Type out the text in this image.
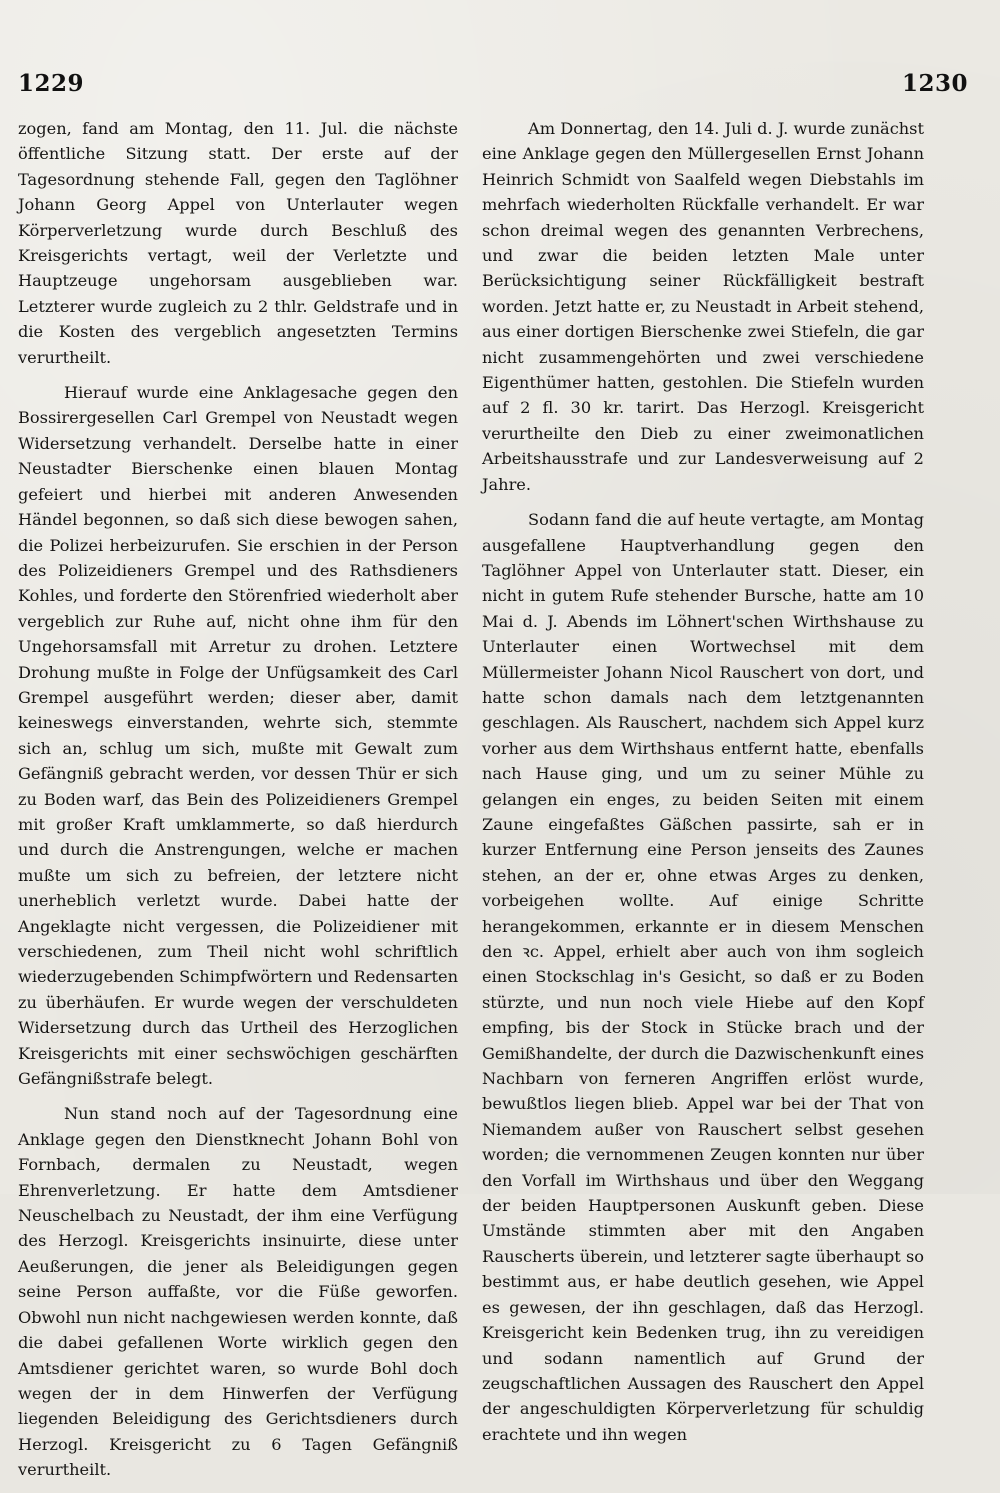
1229	1230

zogen, fand am Montag, den 11. Jul. die nächste öffentliche Sitzung statt. Der erste auf der Tagesordnung stehende Fall, gegen den Taglöhner Johann Georg Appel von Unterlauter wegen Körperverletzung wurde durch Beschluß des Kreisgerichts vertagt, weil der Verletzte und Hauptzeuge ungehorsam ausgeblieben war. Letzterer wurde zugleich zu 2 thlr. Geldstrafe und in die Kosten des vergeblich angesetzten Termins verurtheilt.

Hierauf wurde eine Anklagesache gegen den Bossirergesellen Carl Grempel von Neustadt wegen Widersetzung verhandelt. Derselbe hatte in einer Neustadter Bierschenke einen blauen Montag gefeiert und hierbei mit anderen Anwesenden Händel begonnen, so daß sich diese bewogen sahen, die Polizei herbeizurufen. Sie erschien in der Person des Polizeidieners Grempel und des Rathsdieners Kohles, und forderte den Störenfried wiederholt aber vergeblich zur Ruhe auf, nicht ohne ihm für den Ungehorsamsfall mit Arretur zu drohen. Letztere Drohung mußte in Folge der Unfügsamkeit des Carl Grempel ausgeführt werden; dieser aber, damit keineswegs einverstanden, wehrte sich, stemmte sich an, schlug um sich, mußte mit Gewalt zum Gefängniß gebracht werden, vor dessen Thür er sich zu Boden warf, das Bein des Polizeidieners Grempel mit großer Kraft umklammerte, so daß hierdurch und durch die Anstrengungen, welche er machen mußte um sich zu befreien, der letztere nicht unerheblich verletzt wurde. Dabei hatte der Angeklagte nicht vergessen, die Polizeidiener mit verschiedenen, zum Theil nicht wohl schriftlich wiederzugebenden Schimpfwörtern und Redensarten zu überhäufen. Er wurde wegen der verschuldeten Widersetzung durch das Urtheil des Herzoglichen Kreisgerichts mit einer sechswöchigen geschärften Gefängnißstrafe belegt.

Nun stand noch auf der Tagesordnung eine Anklage gegen den Dienstknecht Johann Bohl von Fornbach, dermalen zu Neustadt, wegen Ehrenverletzung. Er hatte dem Amtsdiener Neuschelbach zu Neustadt, der ihm eine Verfügung des Herzogl. Kreisgerichts insinuirte, diese unter Aeußerungen, die jener als Beleidigungen gegen seine Person auffaßte, vor die Füße geworfen. Obwohl nun nicht nachgewiesen werden konnte, daß die dabei gefallenen Worte wirklich gegen den Amtsdiener gerichtet waren, so wurde Bohl doch wegen der in dem Hinwerfen der Verfügung liegenden Beleidigung des Gerichtsdieners durch Herzogl. Kreisgericht zu 6 Tagen Gefängniß verurtheilt.

Am Donnertag, den 14. Juli d. J. wurde zunächst eine Anklage gegen den Müllergesellen Ernst Johann Heinrich Schmidt von Saalfeld wegen Diebstahls im mehrfach wiederholten Rückfalle verhandelt. Er war schon dreimal wegen des genannten Verbrechens, und zwar die beiden letzten Male unter Berücksichtigung seiner Rückfälligkeit bestraft worden. Jetzt hatte er, zu Neustadt in Arbeit stehend, aus einer dortigen Bierschenke zwei Stiefeln, die gar nicht zusammengehörten und zwei verschiedene Eigenthümer hatten, gestohlen. Die Stiefeln wurden auf 2 fl. 30 kr. tarirt. Das Herzogl. Kreisgericht verurtheilte den Dieb zu einer zweimonatlichen Arbeitshausstrafe und zur Landesverweisung auf 2 Jahre.

Sodann fand die auf heute vertagte, am Montag ausgefallene Hauptverhandlung gegen den Taglöhner Appel von Unterlauter statt. Dieser, ein nicht in gutem Rufe stehender Bursche, hatte am 10 Mai d. J. Abends im Löhnert'schen Wirthshause zu Unterlauter einen Wortwechsel mit dem Müllermeister Johann Nicol Rauschert von dort, und hatte schon damals nach dem letztgenannten geschlagen. Als Rauschert, nachdem sich Appel kurz vorher aus dem Wirthshaus entfernt hatte, ebenfalls nach Hause ging, und um zu seiner Mühle zu gelangen ein enges, zu beiden Seiten mit einem Zaune eingefaßtes Gäßchen passirte, sah er in kurzer Entfernung eine Person jenseits des Zaunes stehen, an der er, ohne etwas Arges zu denken, vorbeigehen wollte. Auf einige Schritte herangekommen, erkannte er in diesem Menschen den ꝛc. Appel, erhielt aber auch von ihm sogleich einen Stockschlag in's Gesicht, so daß er zu Boden stürzte, und nun noch viele Hiebe auf den Kopf empfing, bis der Stock in Stücke brach und der Gemißhandelte, der durch die Dazwischenkunft eines Nachbarn von ferneren Angriffen erlöst wurde, bewußtlos liegen blieb. Appel war bei der That von Niemandem außer von Rauschert selbst gesehen worden; die vernommenen Zeugen konnten nur über den Vorfall im Wirthshaus und über den Weggang der beiden Hauptpersonen Auskunft geben. Diese Umstände stimmten aber mit den Angaben Rauscherts überein, und letzterer sagte überhaupt so bestimmt aus, er habe deutlich gesehen, wie Appel es gewesen, der ihn geschlagen, daß das Herzogl. Kreisgericht kein Bedenken trug, ihn zu vereidigen und sodann namentlich auf Grund der zeugschaftlichen Aussagen des Rauschert den Appel der angeschuldigten Körperverletzung für schuldig erachtete und ihn wegen
